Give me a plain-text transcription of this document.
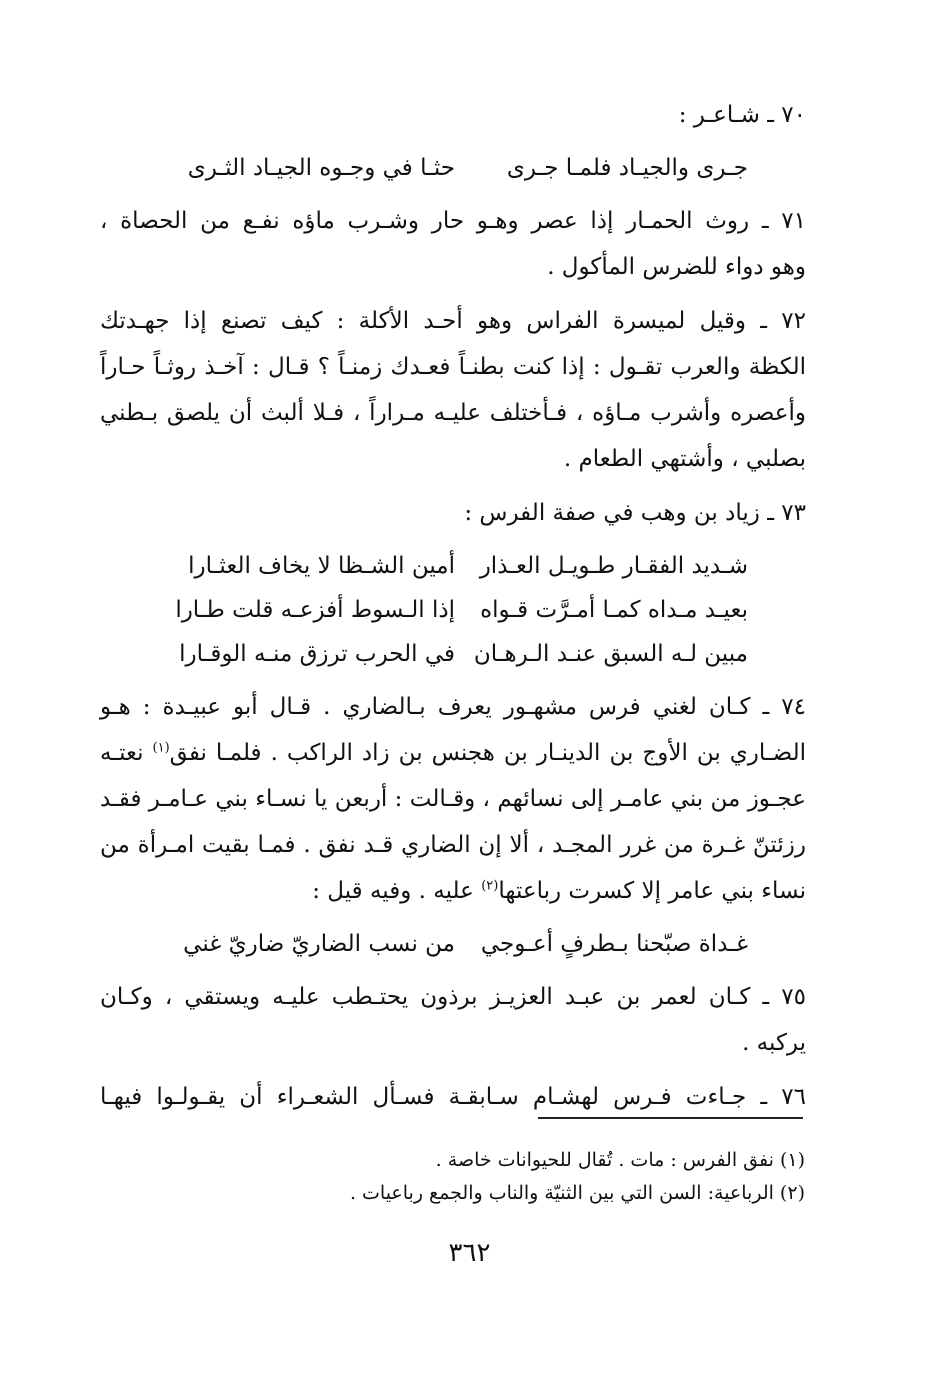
٧٠ ـ شـاعـر :
جـرى والجيـاد فلمـا جـرى
حثـا في وجـوه الجيـاد الثـرى
٧١ ـ روث الحمـار إذا عصر وهـو حار وشـرب ماؤه نفـع من الحصاة ،
وهو دواء للضرس المأكول .
٧٢ ـ وقيل لميسرة الفراس وهو أحـد الأكلة : كيف تصنع إذا جهـدتك
الكظة والعرب تقـول : إذا كنت بطنـاً فعـدك زمنـاً ؟ قـال : آخـذ روثـاً حـاراً
وأعصره وأشرب مـاؤه ، فـأختلف عليـه مـراراً ، فـلا ألبث أن يلصق بـطني
بصلبي ، وأشتهي الطعام .
٧٣ ـ زياد بن وهب في صفة الفرس :
شـديد الفقـار طـويـل العـذار
أمين الشـظا لا يخاف العثـارا
بعيـد مـداه كمـا أمـرَّت قـواه
إذا الـسوط أفزعـه قلت طـارا
مبين لـه السبق عنـد الـرهـان
في الحرب ترزق منـه الوقـارا
٧٤ ـ كـان لغني فرس مشهـور يعرف بـالضاري . قـال أبو عبيـدة : هـو
الضـاري بن الأوج بن الدينـار بن هجنس بن زاد الراكب . فلمـا نفق$^{(١)}$ نعتـه
عجـوز من بني عامـر إلى نسائهم ، وقـالت : أربعن يا نسـاء بني عـامـر فقـد
رزئتنّ غـرة من غرر المجـد ، ألا إن الضاري قـد نفق . فمـا بقيت امـرأة من
نساء بني عامر إلا كسرت رباعتها$^{(٢)}$ عليه . وفيه قيل :
غـداة صبّحنا بـطرفٍ أعـوجي
من نسب الضاريّ ضاريّ غني
٧٥ ـ كـان لعمر بن عبـد العزيـز برذون يحتـطب عليـه ويستقي ، وكـان
يركبه .
٧٦ ـ جـاءت فـرس لهشـام سـابقـة فسـأل الشعـراء أن يقـولـوا فيهـا
(١) نفق الفرس : مات . تُقال للحيوانات خاصة .
(٢) الرباعية: السن التي بين الثنيّة والناب والجمع رباعيات .
٣٦٢
